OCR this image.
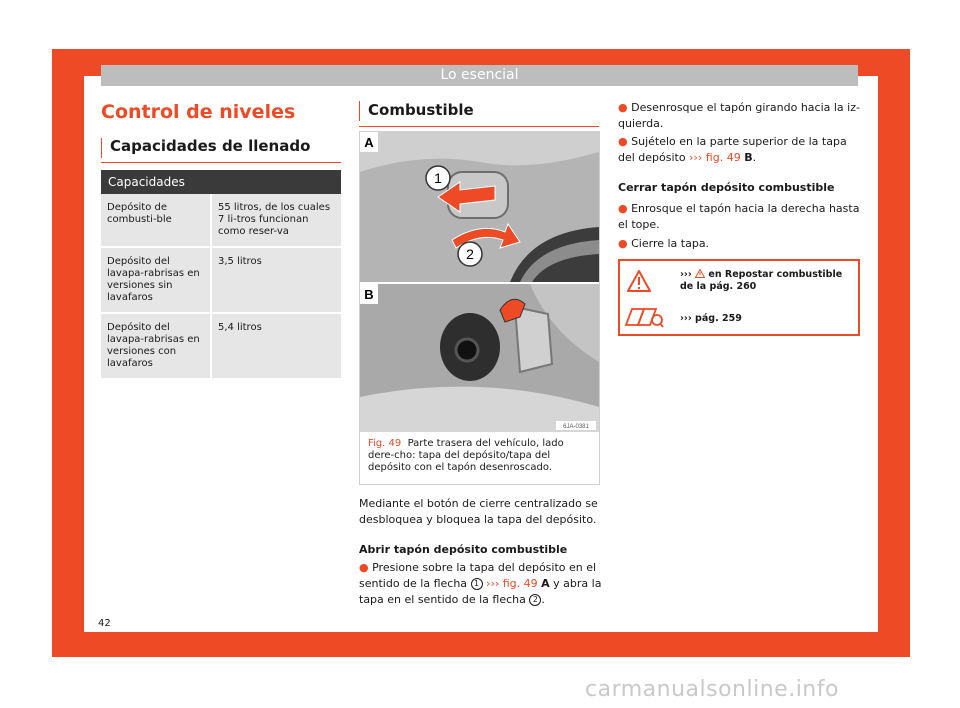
Lo esencial
Control de niveles
Capacidades de llenado
Capacidades	
Depósito de combusti-ble	55 litros, de los cuales 7 li-tros funcionan como reser-va
Depósito del lavapa-rabrisas en versiones sin lavafaros	3,5 litros
Depósito del lavapa-rabrisas en versiones con lavafaros	5,4 litros
Combustible
1
2
A
B
6JA-0381
Fig. 49 Parte trasera del vehículo, lado dere-cho: tapa del depósito/tapa del depósito con el tapón desenroscado.
Mediante el botón de cierre centralizado se desbloquea y bloquea la tapa del depósito.
Abrir tapón depósito combustible
● Presione sobre la tapa del depósito en el sentido de la flecha 1 ››› fig. 49 A y abra la tapa en el sentido de la flecha 2 .
● Desenrosque el tapón girando hacia la iz-quierda.
● Sujételo en la parte superior de la tapa del depósito ››› fig. 49 B.
Cerrar tapón depósito combustible
● Enrosque el tapón hacia la derecha hasta el tope.
● Cierre la tapa.
››› en Repostar combustible de la pág. 260
››› pág. 259
42
carmanualsonline.info
